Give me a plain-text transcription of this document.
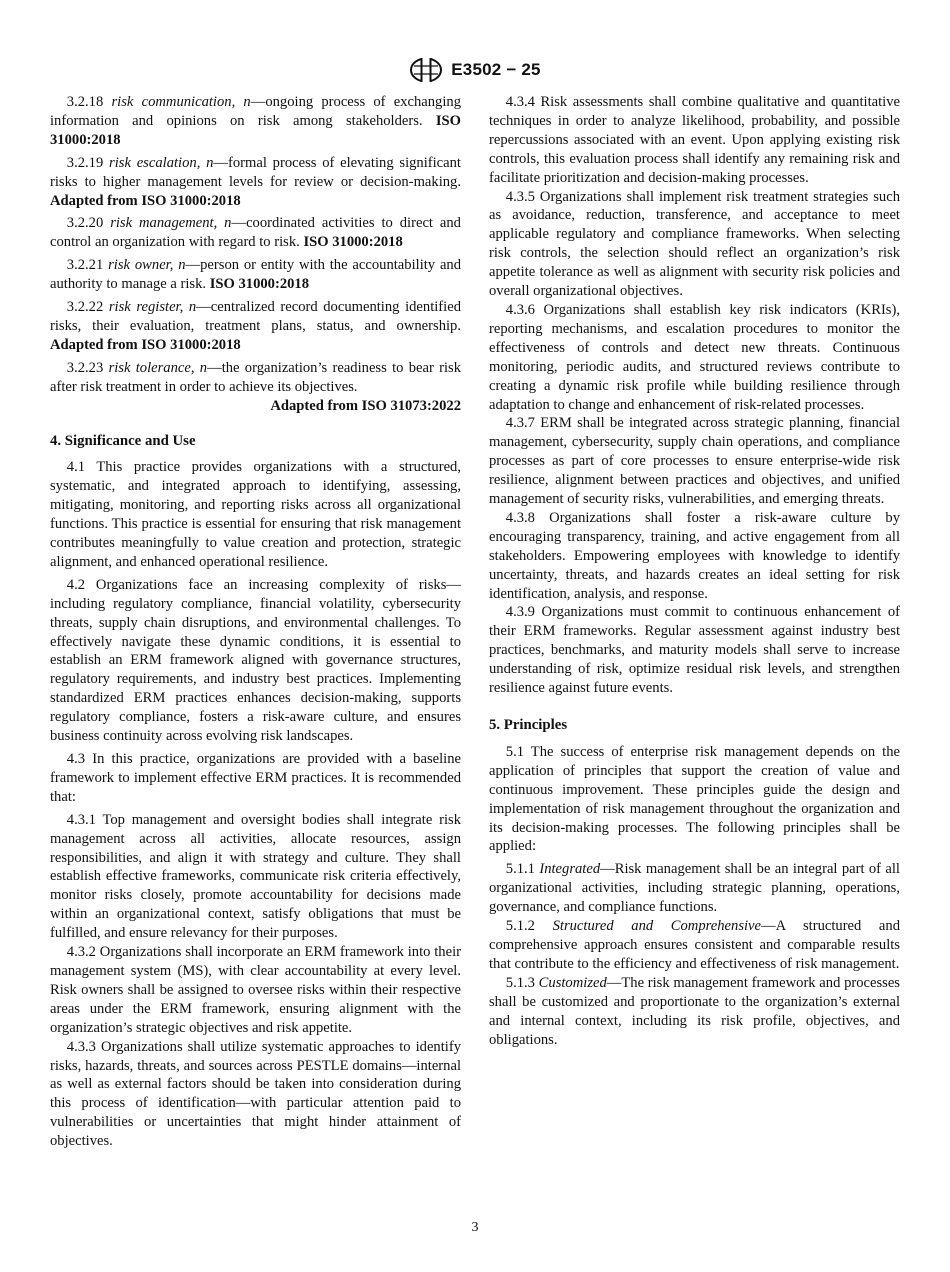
E3502 − 25

3.2.18 risk communication, n—ongoing process of exchanging information and opinions on risk among stakeholders. ISO 31000:2018

3.2.19 risk escalation, n—formal process of elevating significant risks to higher management levels for review or decision-making. Adapted from ISO 31000:2018

3.2.20 risk management, n—coordinated activities to direct and control an organization with regard to risk. ISO 31000:2018

3.2.21 risk owner, n—person or entity with the accountability and authority to manage a risk. ISO 31000:2018

3.2.22 risk register, n—centralized record documenting identified risks, their evaluation, treatment plans, status, and ownership. Adapted from ISO 31000:2018

3.2.23 risk tolerance, n—the organization’s readiness to bear risk after risk treatment in order to achieve its objectives.

Adapted from ISO 31073:2022
4. Significance and Use

4.1 This practice provides organizations with a structured, systematic, and integrated approach to identifying, assessing, mitigating, monitoring, and reporting risks across all organizational functions. This practice is essential for ensuring that risk management contributes meaningfully to value creation and protection, strategic alignment, and enhanced operational resilience.

4.2 Organizations face an increasing complexity of risks—including regulatory compliance, financial volatility, cybersecurity threats, supply chain disruptions, and environmental challenges. To effectively navigate these dynamic conditions, it is essential to establish an ERM framework aligned with governance structures, regulatory requirements, and industry best practices. Implementing standardized ERM practices enhances decision-making, supports regulatory compliance, fosters a risk-aware culture, and ensures business continuity across evolving risk landscapes.

4.3 In this practice, organizations are provided with a baseline framework to implement effective ERM practices. It is recommended that:

4.3.1 Top management and oversight bodies shall integrate risk management across all activities, allocate resources, assign responsibilities, and align it with strategy and culture. They shall establish effective frameworks, communicate risk criteria effectively, monitor risks closely, promote accountability for decisions made within an organizational context, satisfy obligations that must be fulfilled, and ensure relevancy for their purposes.

4.3.2 Organizations shall incorporate an ERM framework into their management system (MS), with clear accountability at every level. Risk owners shall be assigned to oversee risks within their respective areas under the ERM framework, ensuring alignment with the organization’s strategic objectives and risk appetite.

4.3.3 Organizations shall utilize systematic approaches to identify risks, hazards, threats, and sources across PESTLE domains—internal as well as external factors should be taken into consideration during this process of identification—with particular attention paid to vulnerabilities or uncertainties that might hinder attainment of objectives.

4.3.4 Risk assessments shall combine qualitative and quantitative techniques in order to analyze likelihood, probability, and possible repercussions associated with an event. Upon applying existing risk controls, this evaluation process shall identify any remaining risk and facilitate prioritization and decision-making processes.

4.3.5 Organizations shall implement risk treatment strategies such as avoidance, reduction, transference, and acceptance to meet applicable regulatory and compliance frameworks. When selecting risk controls, the selection should reflect an organization’s risk appetite tolerance as well as alignment with security risk policies and overall organizational objectives.

4.3.6 Organizations shall establish key risk indicators (KRIs), reporting mechanisms, and escalation procedures to monitor the effectiveness of controls and detect new threats. Continuous monitoring, periodic audits, and structured reviews contribute to creating a dynamic risk profile while building resilience through adaptation to change and enhancement of risk-related processes.

4.3.7 ERM shall be integrated across strategic planning, financial management, cybersecurity, supply chain operations, and compliance processes as part of core processes to ensure enterprise-wide risk resilience, alignment between practices and objectives, and unified management of security risks, vulnerabilities, and emerging threats.

4.3.8 Organizations shall foster a risk-aware culture by encouraging transparency, training, and active engagement from all stakeholders. Empowering employees with knowledge to identify uncertainty, threats, and hazards creates an ideal setting for risk identification, analysis, and response.

4.3.9 Organizations must commit to continuous enhancement of their ERM frameworks. Regular assessment against industry best practices, benchmarks, and maturity models shall serve to increase understanding of risk, optimize residual risk levels, and strengthen resilience against future events.

5. Principles

5.1 The success of enterprise risk management depends on the application of principles that support the creation of value and continuous improvement. These principles guide the design and implementation of risk management throughout the organization and its decision-making processes. The following principles shall be applied:

5.1.1 Integrated—Risk management shall be an integral part of all organizational activities, including strategic planning, operations, governance, and compliance functions.

5.1.2 Structured and Comprehensive—A structured and comprehensive approach ensures consistent and comparable results that contribute to the efficiency and effectiveness of risk management.

5.1.3 Customized—The risk management framework and processes shall be customized and proportionate to the organization’s external and internal context, including its risk profile, objectives, and obligations.

3
